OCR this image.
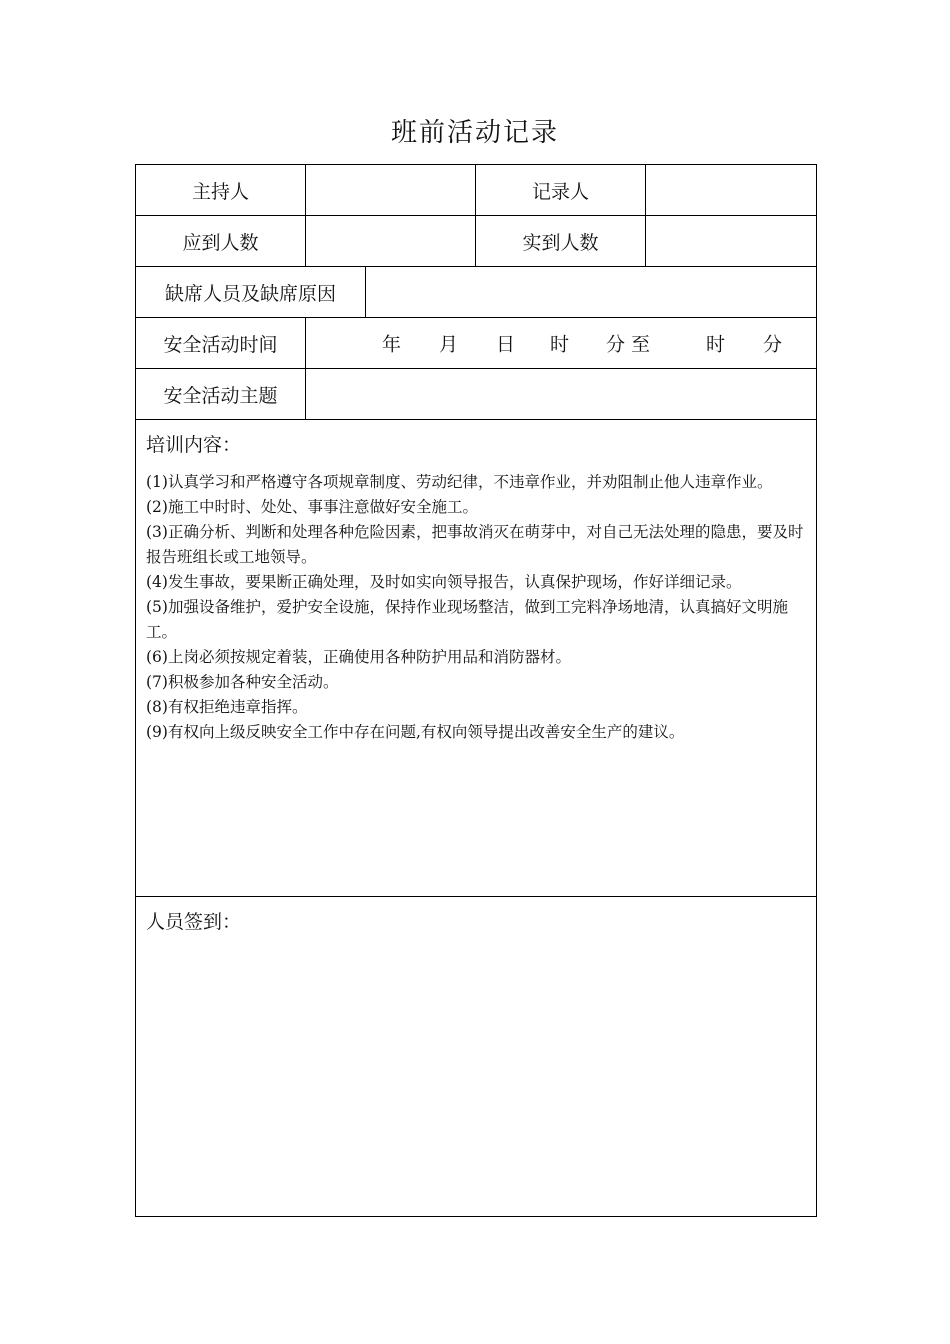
班前活动记录
主持人	记录人
应到人数	实到人数
缺席人员及缺席原因
安全活动时间	年 月 日 时 分 至	时 分
安全活动主题
培训内容：
(1)认真学习和严格遵守各项规章制度、劳动纪律，不违章作业，并劝阻制止他人违章作业。
(2)施工中时时、处处、事事注意做好安全施工。
(3)正确分析、判断和处理各种危险因素，把事故消灭在萌芽中，对自己无法处理的隐患，要及时报告班组长或工地领导。
(4)发生事故，要果断正确处理，及时如实向领导报告，认真保护现场，作好详细记录。
(5)加强设备维护，爱护安全设施，保持作业现场整洁，做到工完料净场地清，认真搞好文明施工。
(6)上岗必须按规定着装，正确使用各种防护用品和消防器材。
(7)积极参加各种安全活动。
(8)有权拒绝违章指挥。
(9)有权向上级反映安全工作中存在问题,有权向领导提出改善安全生产的建议。
人员签到：
